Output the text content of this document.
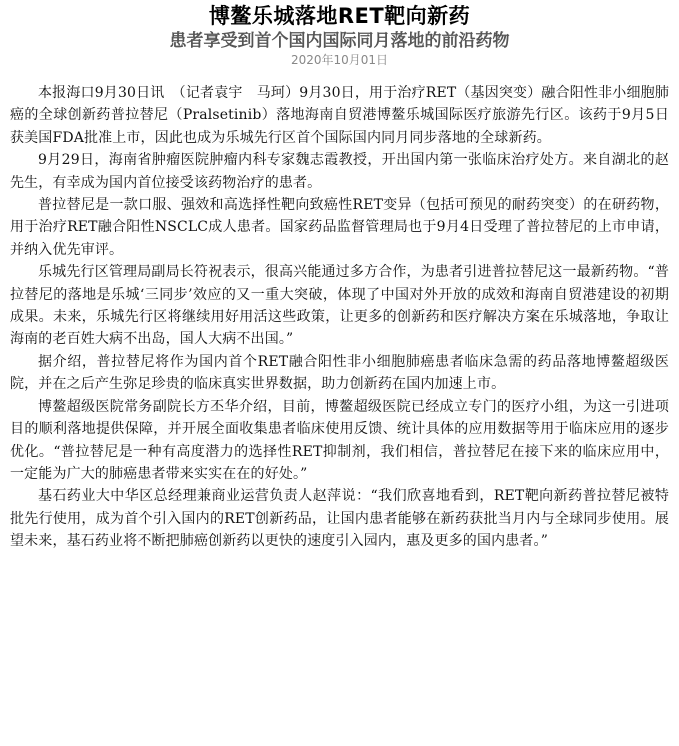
博鳌乐城落地RET靶向新药
患者享受到首个国内国际同月落地的前沿药物
2020年10月01日

本报海口9月30日讯　（记者袁宇　马珂）9月30日，用于治疗RET（基因突变）融合阳性非小细胞肺癌的全球创新药普拉替尼（Pralsetinib）落地海南自贸港博鳌乐城国际医疗旅游先行区。该药于9月5日获美国FDA批准上市，因此也成为乐城先行区首个国际国内同月同步落地的全球新药。

9月29日，海南省肿瘤医院肿瘤内科专家魏志霞教授，开出国内第一张临床治疗处方。来自湖北的赵先生，有幸成为国内首位接受该药物治疗的患者。

普拉替尼是一款口服、强效和高选择性靶向致癌性RET变异（包括可预见的耐药突变）的在研药物，用于治疗RET融合阳性NSCLC成人患者。国家药品监督管理局也于9月4日受理了普拉替尼的上市申请，并纳入优先审评。

乐城先行区管理局副局长符祝表示，很高兴能通过多方合作，为患者引进普拉替尼这一最新药物。“普拉替尼的落地是乐城‘三同步’效应的又一重大突破，体现了中国对外开放的成效和海南自贸港建设的初期成果。未来，乐城先行区将继续用好用活这些政策，让更多的创新药和医疗解决方案在乐城落地，争取让海南的老百姓大病不出岛，国人大病不出国。”

据介绍，普拉替尼将作为国内首个RET融合阳性非小细胞肺癌患者临床急需的药品落地博鳌超级医院，并在之后产生弥足珍贵的临床真实世界数据，助力创新药在国内加速上市。

博鳌超级医院常务副院长方丕华介绍，目前，博鳌超级医院已经成立专门的医疗小组，为这一引进项目的顺利落地提供保障，并开展全面收集患者临床使用反馈、统计具体的应用数据等用于临床应用的逐步优化。“普拉替尼是一种有高度潜力的选择性RET抑制剂，我们相信，普拉替尼在接下来的临床应用中，一定能为广大的肺癌患者带来实实在在的好处。”

基石药业大中华区总经理兼商业运营负责人赵萍说：“我们欣喜地看到，RET靶向新药普拉替尼被特批先行使用，成为首个引入国内的RET创新药品，让国内患者能够在新药获批当月内与全球同步使用。展望未来，基石药业将不断把肺癌创新药以更快的速度引入园内，惠及更多的国内患者。”
